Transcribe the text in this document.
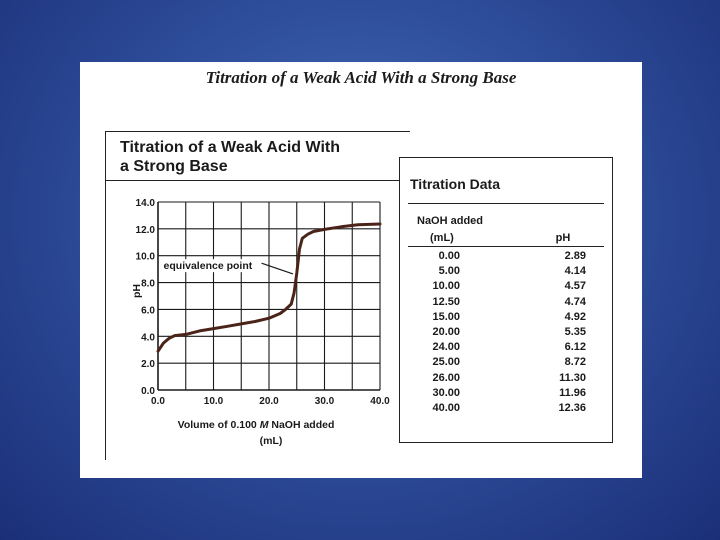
Titration of a Weak Acid With a Strong Base
Titration of a Weak Acid With
a Strong Base
0.0	10.0	20.0	30.0	40.0
0.0
2.0
4.0
6.0
8.0
10.0
12.0
14.0
pH
Volume of 0.100 M NaOH added
(mL)
equivalence point
Titration Data
NaOH added
(mL)	pH
0.00	2.89
5.00	4.14
10.00	4.57
12.50	4.74
15.00	4.92
20.00	5.35
24.00	6.12
25.00	8.72
26.00	11.30
30.00	11.96
40.00	12.36
